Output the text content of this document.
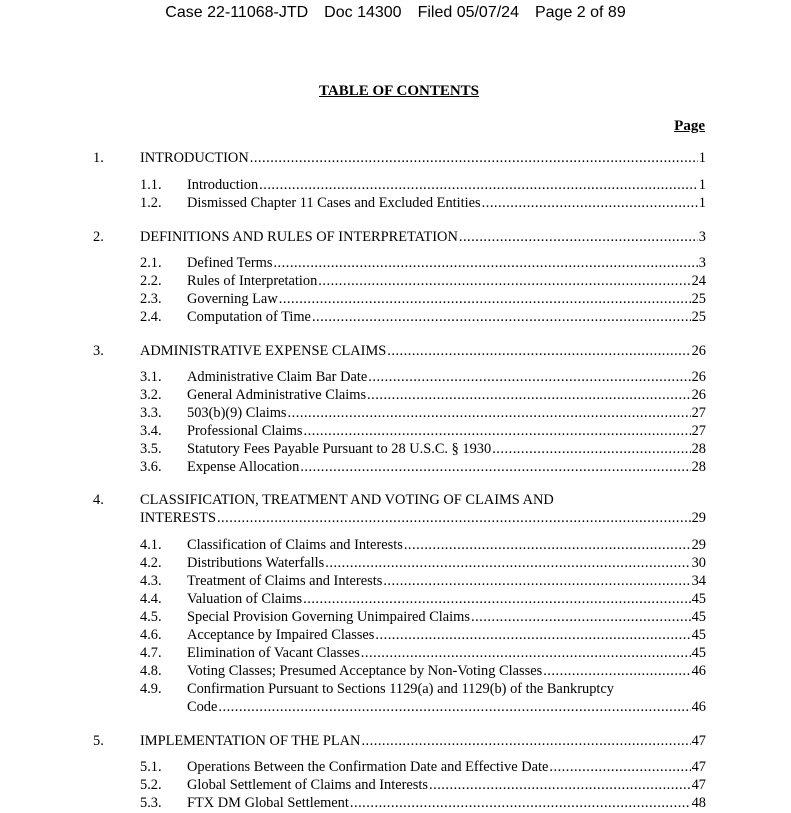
Case 22-11068-JTD Doc 14300 Filed 05/07/24 Page 2 of 89
TABLE OF CONTENTS
Page
1.	INTRODUCTION .....	1
1.1. Introduction .....	1
1.2. Dismissed Chapter 11 Cases and Excluded Entities .....	1
2.	DEFINITIONS AND RULES OF INTERPRETATION .....	3
2.1. Defined Terms .....	3
2.2. Rules of Interpretation .....	24
2.3. Governing Law .....	25
2.4. Computation of Time .....	25
3.	ADMINISTRATIVE EXPENSE CLAIMS .....	26
3.1. Administrative Claim Bar Date .....	26
3.2. General Administrative Claims .....	26
3.3. 503(b)(9) Claims .....	27
3.4. Professional Claims .....	27
3.5. Statutory Fees Payable Pursuant to 28 U.S.C. § 1930 .....	28
3.6. Expense Allocation .....	28
4.	CLASSIFICATION, TREATMENT AND VOTING OF CLAIMS AND
INTERESTS .....	29
4.1. Classification of Claims and Interests .....	29
4.2. Distributions Waterfalls .....	30
4.3. Treatment of Claims and Interests .....	34
4.4. Valuation of Claims .....	45
4.5. Special Provision Governing Unimpaired Claims .....	45
4.6. Acceptance by Impaired Classes .....	45
4.7. Elimination of Vacant Classes .....	45
4.8. Voting Classes; Presumed Acceptance by Non-Voting Classes .....	46
4.9. Confirmation Pursuant to Sections 1129(a) and 1129(b) of the Bankruptcy
Code .....	46
5.	IMPLEMENTATION OF THE PLAN .....	47
5.1. Operations Between the Confirmation Date and Effective Date .....	47
5.2. Global Settlement of Claims and Interests .....	47
5.3. FTX DM Global Settlement .....	48
